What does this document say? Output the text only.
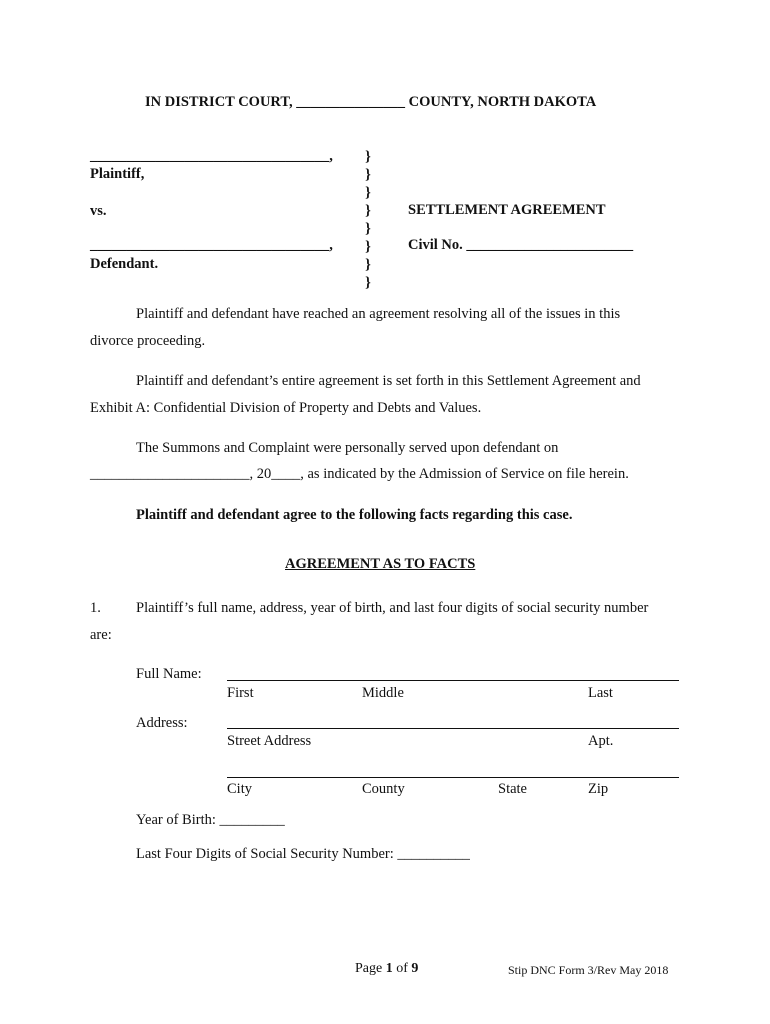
IN DISTRICT COURT, _______________ COUNTY, NORTH DAKOTA
_________________________________,
Plaintiff,
vs.
_________________________________,
Defendant.
}
}
}
}
}
}
}
}
SETTLEMENT AGREEMENT
Civil No. _______________________
Plaintiff and defendant have reached an agreement resolving all of the issues in this
divorce proceeding.
Plaintiff and defendant’s entire agreement is set forth in this Settlement Agreement and
Exhibit A: Confidential Division of Property and Debts and Values.
The Summons and Complaint were personally served upon defendant on
______________________, 20____, as indicated by the Admission of Service on file herein.
Plaintiff and defendant agree to the following facts regarding this case.
AGREEMENT AS TO FACTS
1. Plaintiff’s full name, address, year of birth, and last four digits of social security number
are:
Full Name:
First	Middle	Last
Address:
Street Address	Apt.
City	County	State	Zip
Year of Birth: _________
Last Four Digits of Social Security Number: __________
Page 1 of 9	Stip DNC Form 3/Rev May 2018
